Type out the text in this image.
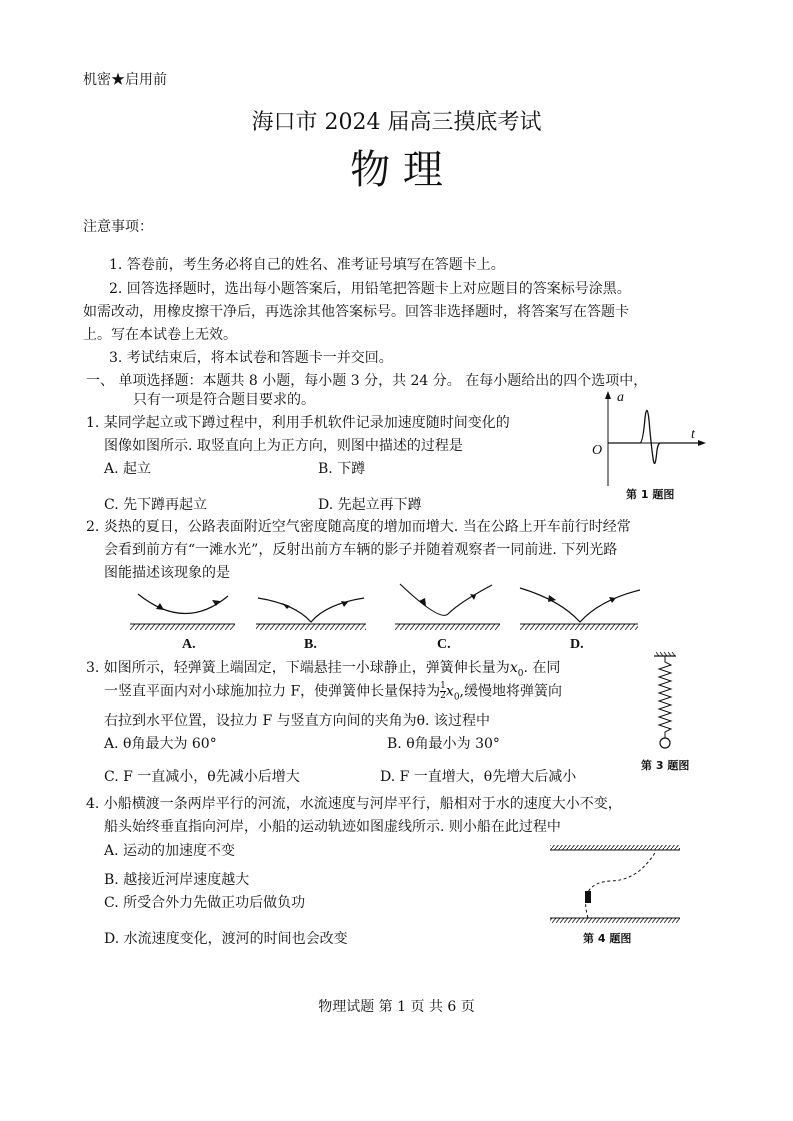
机密★启用前
海口市 2024 届高三摸底考试
物 理
注意事项：
1. 答卷前，考生务必将自己的姓名、准考证号填写在答题卡上。
2. 回答选择题时，选出每小题答案后，用铅笔把答题卡上对应题目的答案标号涂黑。
如需改动，用橡皮擦干净后，再选涂其他答案标号。回答非选择题时，将答案写在答题卡
上。写在本试卷上无效。
3. 考试结束后，将本试卷和答题卡一并交回。
一、 单项选择题：本题共 8 小题，每小题 3 分，共 24 分。 在每小题给出的四个选项中，
只有一项是符合题目要求的。
1. 某同学起立或下蹲过程中，利用手机软件记录加速度随时间变化的
图像如图所示. 取竖直向上为正方向，则图中描述的过程是
A. 起立	B. 下蹲
C. 先下蹲再起立	D. 先起立再下蹲
a
t
O
第 1 题图
2. 炎热的夏日，公路表面附近空气密度随高度的增加而增大. 当在公路上开车前行时经常
会看到前方有“一滩水光”，反射出前方车辆的影子并随着观察者一同前进. 下列光路
图能描述该现象的是
A.	B.	C.	D.
3. 如图所示，轻弹簧上端固定，下端悬挂一小球静止，弹簧伸长量为$x_0$. 在同
一竖直平面内对小球施加拉力 F，使弹簧伸长量保持为 $\frac{1}{2} x_0$,缓慢地将弹簧向
右拉到水平位置，设拉力 F 与竖直方向间的夹角为θ. 该过程中
A. θ角最大为 60°	B. θ角最小为 30°
C. F 一直减小，θ先减小后增大	D. F 一直增大，θ先增大后减小
第 3 题图
4. 小船横渡一条两岸平行的河流，水流速度与河岸平行，船相对于水的速度大小不变，
船头始终垂直指向河岸，小船的运动轨迹如图虚线所示. 则小船在此过程中
A. 运动的加速度不变
B. 越接近河岸速度越大
C. 所受合外力先做正功后做负功
D. 水流速度变化，渡河的时间也会改变	第 4 题图
物理试题 第 1 页 共 6 页
